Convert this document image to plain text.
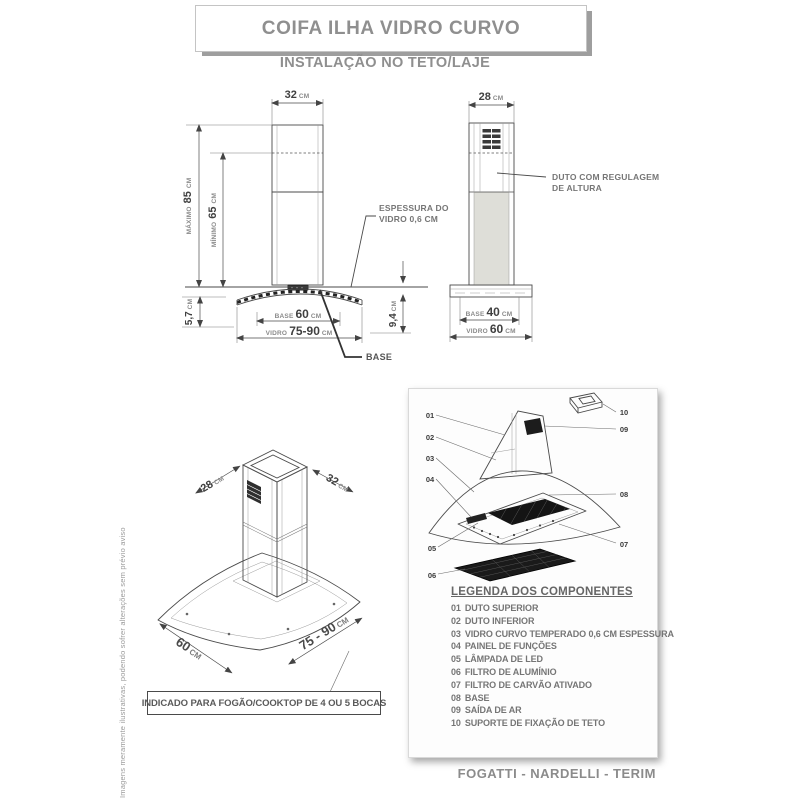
COIFA ILHA VIDRO CURVO
INSTALAÇÃO NO TETO/LAJE
Imagens meramente ilustrativas, podendo sofrer alterações sem prévio aviso
32 CM
MÁXIMO85CM
MÍNIMO65CM
5,7CM
9,4CM
BASE 60 CM
VIDRO 75-90 CM
ESPESSURA DO
VIDRO 0,6 CM
BASE
28 CM
BASE 40 CM
VIDRO 60 CM
DUTO COM REGULAGEM
DE ALTURA
28CM	32CM
60CM
75 - 90CM
INDICADO PARA FOGÃO/COOKTOP DE 4 OU 5 BOCAS
01
02
03
04
05
06
07
08
09
10
LEGENDA DOS COMPONENTES
01 DUTO SUPERIOR
02 DUTO INFERIOR
03 VIDRO CURVO TEMPERADO 0,6 CM ESPESSURA
04 PAINEL DE FUNÇÕES
05 LÂMPADA DE LED
06 FILTRO DE ALUMÍNIO
07 FILTRO DE CARVÃO ATIVADO
08 BASE
09 SAÍDA DE AR
10 SUPORTE DE FIXAÇÃO DE TETO
FOGATTI - NARDELLI - TERIM
